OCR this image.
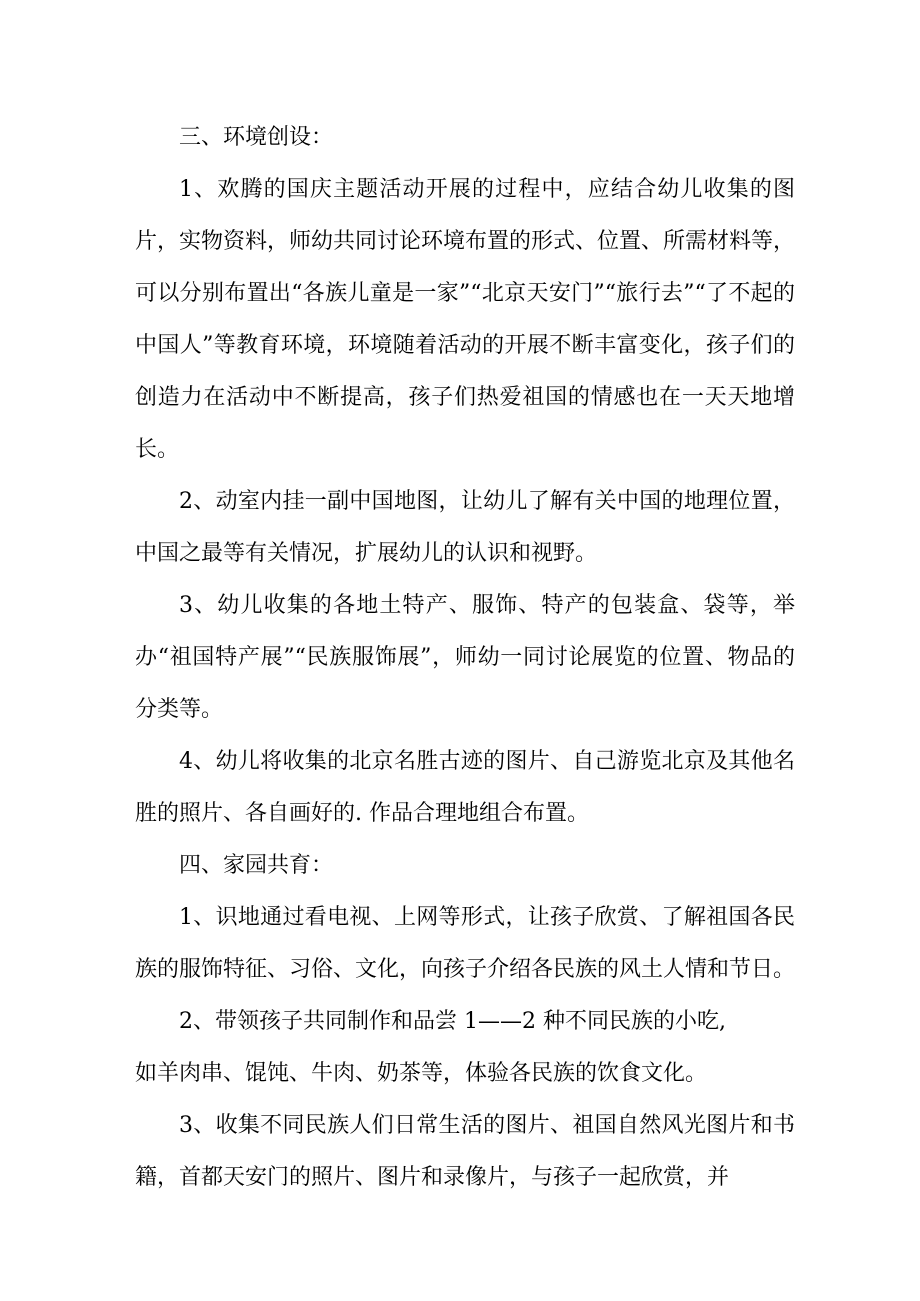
三、环境创设：

1、欢腾的国庆主题活动开展的过程中，应结合幼儿收集的图片，实物资料，师幼共同讨论环境布置的形式、位置、所需材料等，可以分别布置出“各族儿童是一家”“北京天安门”“旅行去”“了不起的中国人”等教育环境，环境随着活动的开展不断丰富变化，孩子们的创造力在活动中不断提高，孩子们热爱祖国的情感也在一天天地增长。

2、动室内挂一副中国地图，让幼儿了解有关中国的地理位置，中国之最等有关情况，扩展幼儿的认识和视野。

3、幼儿收集的各地土特产、服饰、特产的包装盒、袋等，举办“祖国特产展”“民族服饰展”，师幼一同讨论展览的位置、物品的分类等。

4、幼儿将收集的北京名胜古迹的图片、自己游览北京及其他名胜的照片、各自画好的. 作品合理地组合布置。

四、家园共育：

1、识地通过看电视、上网等形式，让孩子欣赏、了解祖国各民族的服饰特征、习俗、文化，向孩子介绍各民族的风土人情和节日。

2、带领孩子共同制作和品尝 1——2 种不同民族的小吃,

如羊肉串、馄饨、牛肉、奶茶等，体验各民族的饮食文化。

3、收集不同民族人们日常生活的图片、祖国自然风光图片和书籍，首都天安门的照片、图片和录像片，与孩子一起欣赏，并
